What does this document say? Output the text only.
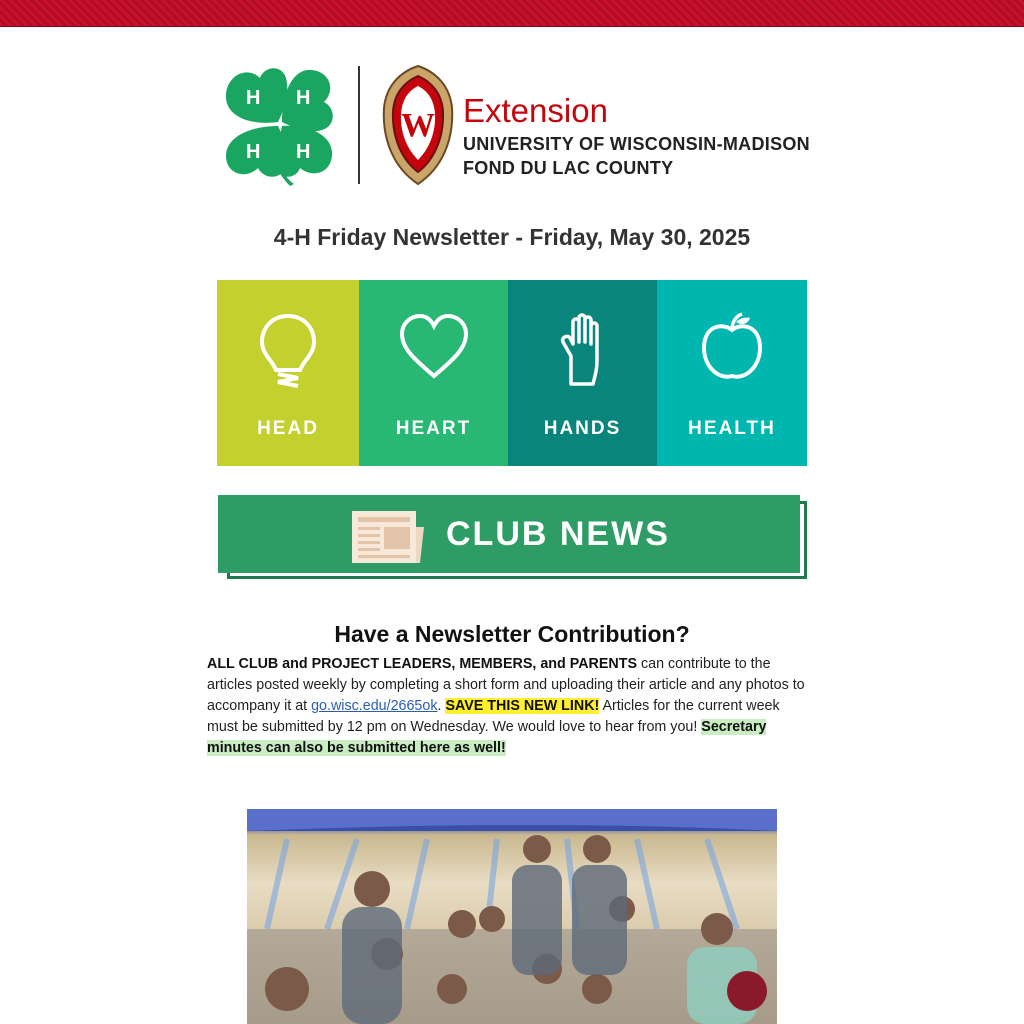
H H
H H
W Extension
UNIVERSITY OF WISCONSIN-MADISON
FOND DU LAC COUNTY
4-H Friday Newsletter - Friday, May 30, 2025
HEAD	HEART	HANDS	HEALTH
CLUB NEWS
Have a Newsletter Contribution?
ALL CLUB and PROJECT LEADERS, MEMBERS, and PARENTS can contribute to the articles posted weekly by completing a short form and uploading their article and any photos to accompany it at go.wisc.edu/2665ok. SAVE THIS NEW LINK! Articles for the current week must be submitted by 12 pm on Wednesday. We would love to hear from you! Secretary minutes can also be submitted here as well!
